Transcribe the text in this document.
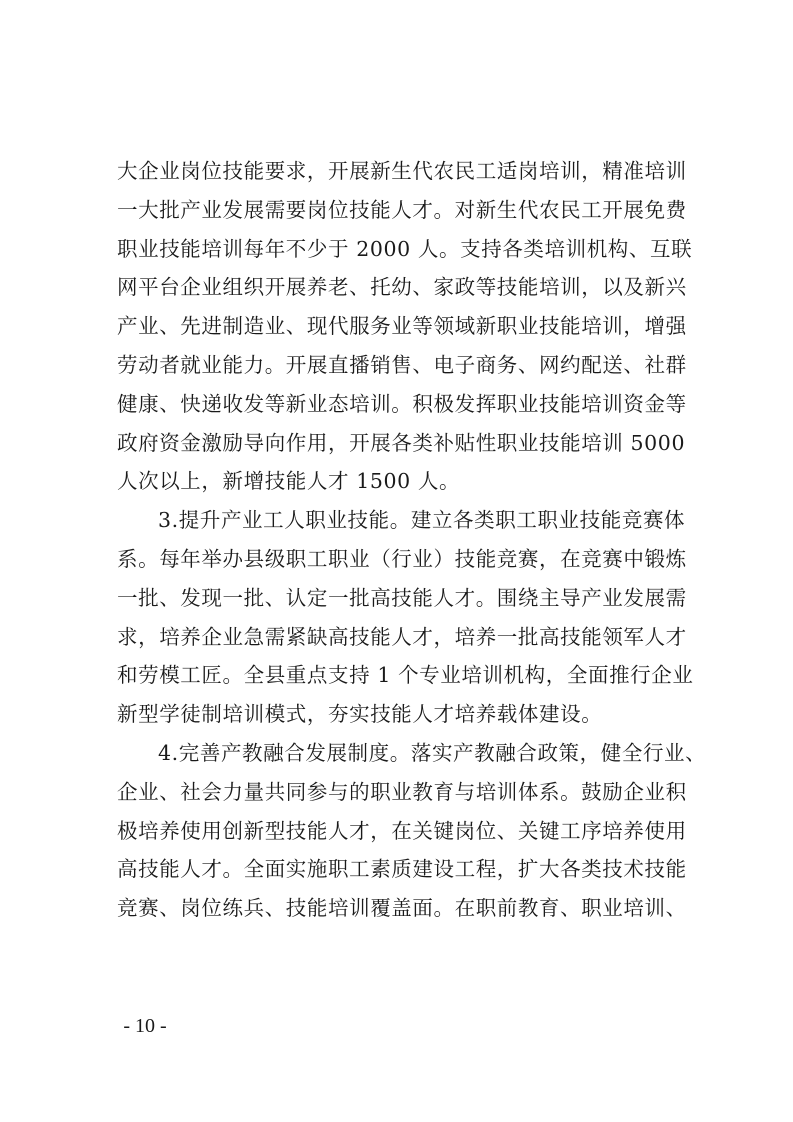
大企业岗位技能要求，开展新生代农民工适岗培训，精准培训
一大批产业发展需要岗位技能人才。对新生代农民工开展免费
职业技能培训每年不少于 2000 人。支持各类培训机构、互联
网平台企业组织开展养老、托幼、家政等技能培训，以及新兴
产业、先进制造业、现代服务业等领域新职业技能培训，增强
劳动者就业能力。开展直播销售、电子商务、网约配送、社群
健康、快递收发等新业态培训。积极发挥职业技能培训资金等
政府资金激励导向作用，开展各类补贴性职业技能培训 5000
人次以上，新增技能人才 1500 人。
3.提升产业工人职业技能。建立各类职工职业技能竞赛体
系。每年举办县级职工职业（行业）技能竞赛，在竞赛中锻炼
一批、发现一批、认定一批高技能人才。围绕主导产业发展需
求，培养企业急需紧缺高技能人才，培养一批高技能领军人才
和劳模工匠。全县重点支持 1 个专业培训机构，全面推行企业
新型学徒制培训模式，夯实技能人才培养载体建设。
4.完善产教融合发展制度。落实产教融合政策，健全行业、
企业、社会力量共同参与的职业教育与培训体系。鼓励企业积
极培养使用创新型技能人才，在关键岗位、关键工序培养使用
高技能人才。全面实施职工素质建设工程，扩大各类技术技能
竞赛、岗位练兵、技能培训覆盖面。在职前教育、职业培训、
- 10 -
